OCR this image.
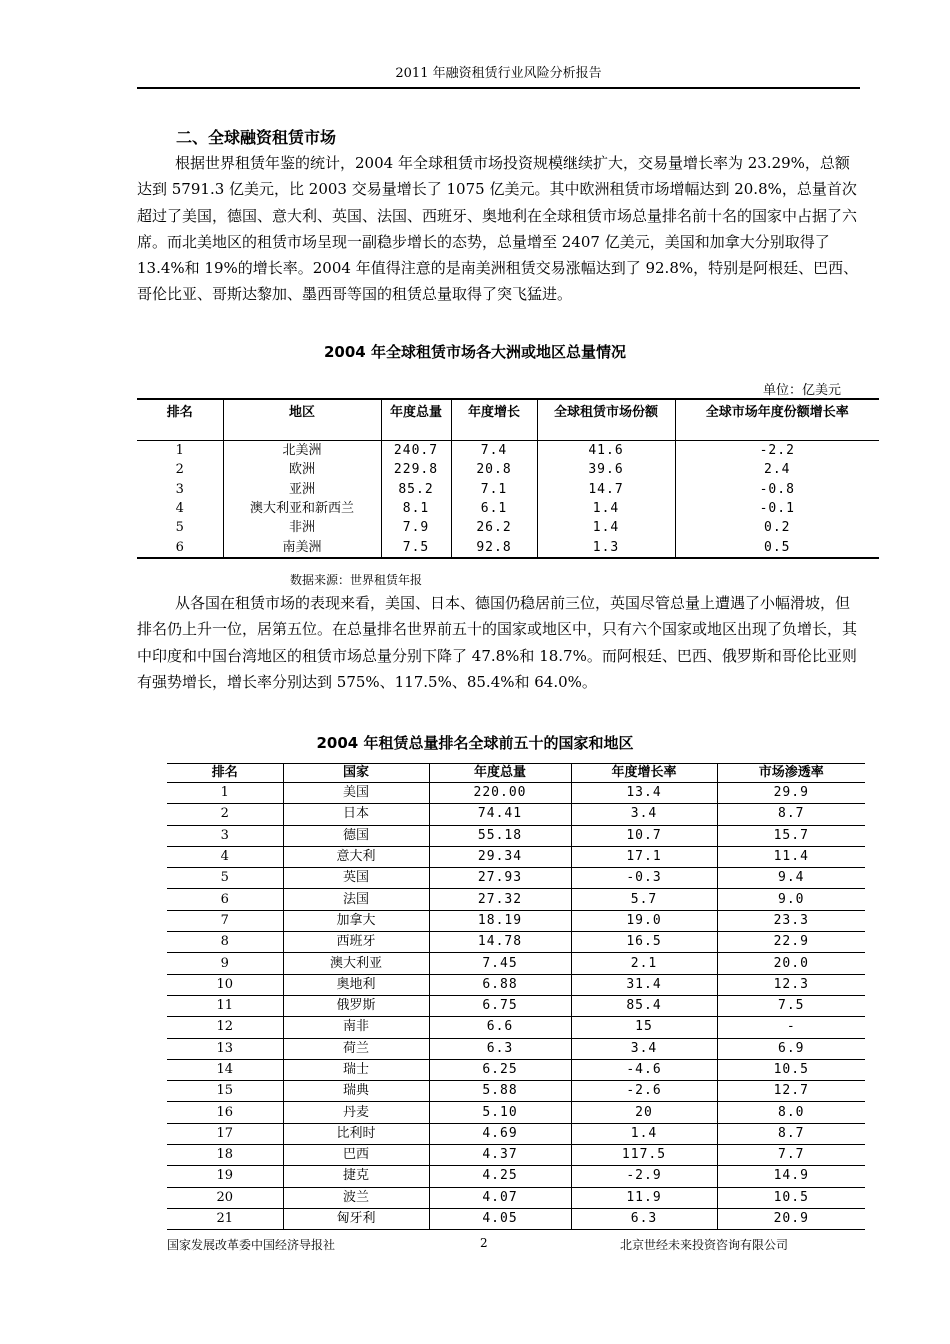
2011 年融资租赁行业风险分析报告
二、全球融资租赁市场

根据世界租赁年鉴的统计，2004 年全球租赁市场投资规模继续扩大，交易量增长率为 23.29%，总额达到 5791.3 亿美元，比 2003 交易量增长了 1075 亿美元。其中欧洲租赁市场增幅达到 20.8%，总量首次超过了美国，德国、意大利、英国、法国、西班牙、奥地利在全球租赁市场总量排名前十名的国家中占据了六席。而北美地区的租赁市场呈现一副稳步增长的态势，总量增至 2407 亿美元，美国和加拿大分别取得了 13.4%和 19%的增长率。2004 年值得注意的是南美洲租赁交易涨幅达到了 92.8%，特别是阿根廷、巴西、哥伦比亚、哥斯达黎加、墨西哥等国的租赁总量取得了突飞猛进。

2004 年全球租赁市场各大洲或地区总量情况
单位：亿美元
排名	地区	年度总量	年度增长	全球租赁市场份额	全球市场年度份额增长率
1	北美洲	240.7	7.4	41.6	-2.2
2	欧洲	229.8	20.8	39.6	2.4
3	亚洲	85.2	7.1	14.7	-0.8
4	澳大利亚和新西兰	8.1	6.1	1.4	-0.1
5	非洲	7.9	26.2	1.4	0.2
6	南美洲	7.5	92.8	1.3	0.5
数据来源：世界租赁年报

从各国在租赁市场的表现来看，美国、日本、德国仍稳居前三位，英国尽管总量上遭遇了小幅滑坡，但排名仍上升一位，居第五位。在总量排名世界前五十的国家或地区中，只有六个国家或地区出现了负增长，其中印度和中国台湾地区的租赁市场总量分别下降了 47.8%和 18.7%。而阿根廷、巴西、俄罗斯和哥伦比亚则有强势增长，增长率分别达到 575%、117.5%、85.4%和 64.0%。

2004 年租赁总量排名全球前五十的国家和地区
排名	国家	年度总量	年度增长率	市场渗透率
1	美国	220.00	13.4	29.9
2	日本	74.41	3.4	8.7
3	德国	55.18	10.7	15.7
4	意大利	29.34	17.1	11.4
5	英国	27.93	-0.3	9.4
6	法国	27.32	5.7	9.0
7	加拿大	18.19	19.0	23.3
8	西班牙	14.78	16.5	22.9
9	澳大利亚	7.45	2.1	20.0
10	奥地利	6.88	31.4	12.3
11	俄罗斯	6.75	85.4	7.5
12	南非	6.6	15	-
13	荷兰	6.3	3.4	6.9
14	瑞士	6.25	-4.6	10.5
15	瑞典	5.88	-2.6	12.7
16	丹麦	5.10	20	8.0
17	比利时	4.69	1.4	8.7
18	巴西	4.37	117.5	7.7
19	捷克	4.25	-2.9	14.9
20	波兰	4.07	11.9	10.5
21	匈牙利	4.05	6.3	20.9
国家发展改革委中国经济导报社	2	北京世经未来投资咨询有限公司
